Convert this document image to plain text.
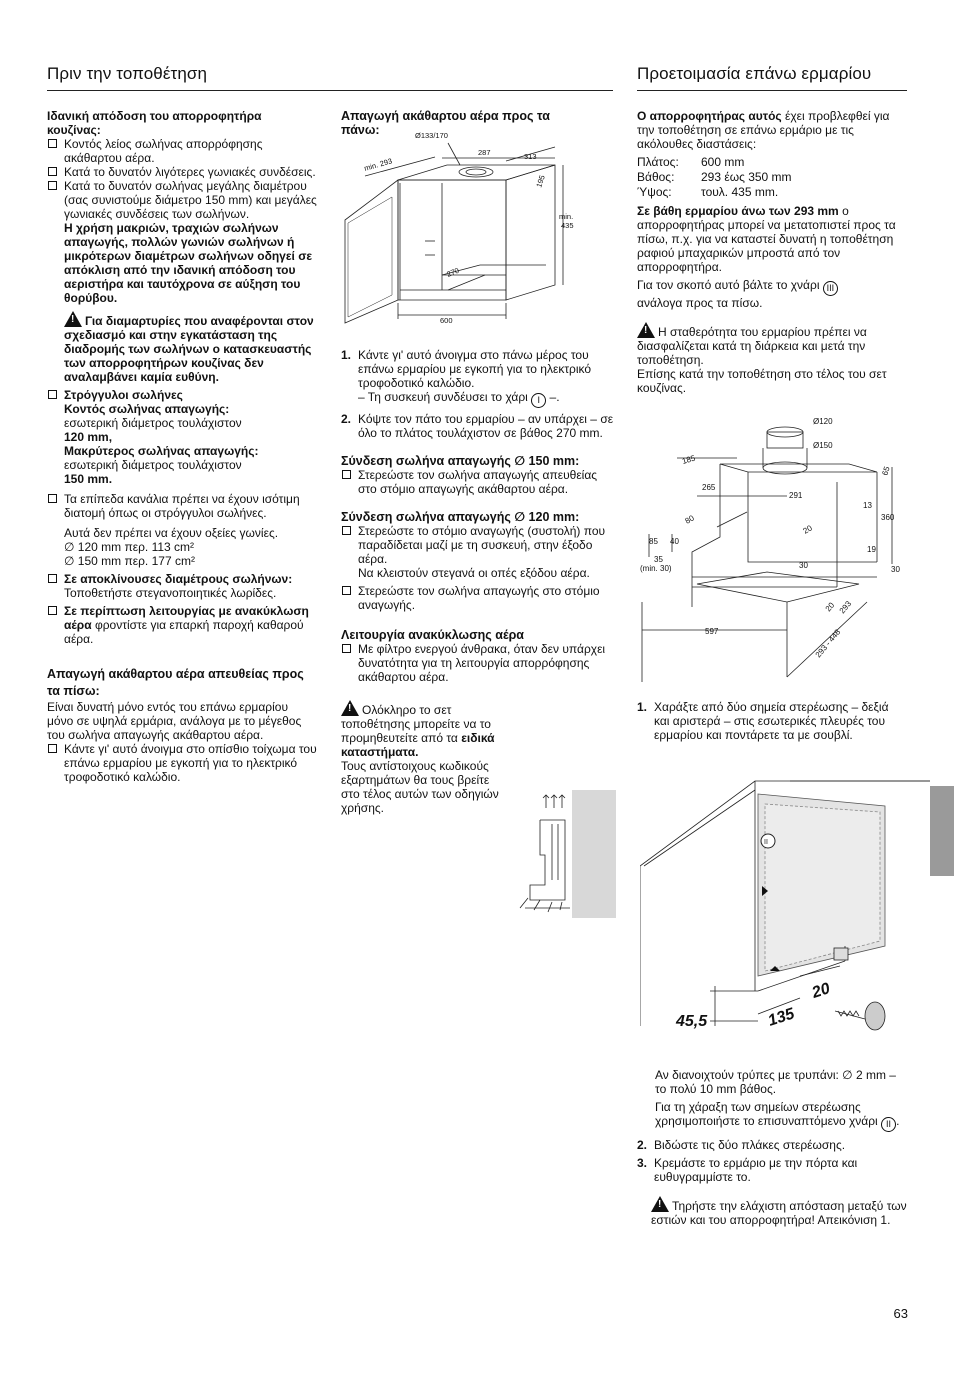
Πριν την τοποθέτηση	Προετοιμασία επάνω ερμαρίου
Ιδανική απόδοση του απορροφητήρα κουζίνας:
Κοντός λείος σωλήνας απορρόφησης ακάθαρτου αέρα.
Κατά το δυνατόν λιγότερες γωνιακές συνδέσεις.
Κατά το δυνατόν σωλήνας μεγάλης διαμέτρου (σας συνιστούμε διάμετρο 150 mm) και μεγάλες γωνιακές συνδέσεις των σωλήνων.
Η χρήση μακριών, τραχιών σωλήνων απαγωγής, πολλών γωνιών σωλήνων ή μικρότερων διαμέτρων σωλήνων οδηγεί σε απόκλιση από την ιδανική απόδοση του αεριστήρα και ταυτόχρονα σε αύξηση του θορύβου.
!Για διαμαρτυρίες που αναφέρονται στον σχεδιασμό και στην εγκατάσταση της διαδρομής των σωλήνων ο κατασκευαστής των απορροφητήρων κουζίνας δεν αναλαμβάνει καμία ευθύνη.
Στρόγγυλοι σωλήνες
Κοντός σωλήνας απαγωγής:
εσωτερική διάμετρος τουλάχιστον
120 mm,
Μακρύτερος σωλήνας απαγωγής:
εσωτερική διάμετρος τουλάχιστον
150 mm.
Τα επίπεδα κανάλια πρέπει να έχουν ισότιμη διατομή όπως οι στρόγγυλοι σωλήνες.
Αυτά δεν πρέπει να έχουν οξείες γωνίες.
∅ 120 mm περ. 113 cm²
∅ 150 mm περ. 177 cm²
Σε αποκλίνουσες διαμέτρους σωλήνων: Τοποθετήστε στεγανοποιητικές λωρίδες.
Σε περίπτωση λειτουργίας με ανακύκλωση αέρα φροντίστε για επαρκή παροχή καθαρού αέρα.
Απαγωγή ακάθαρτου αέρα απευθείας προς τα πίσω:
Είναι δυνατή μόνο εντός του επάνω ερμαρίου μόνο σε υψηλά ερμάρια, ανάλογα με το μέγεθος του σωλήνα απαγωγής ακάθαρτου αέρα.
Κάντε γι' αυτό άνοιγμα στο οπίσθιο τοίχωμα του επάνω ερμαρίου με εγκοπή για το ηλεκτρικό τροφοδοτικό καλώδιο.
Απαγωγή ακάθαρτου αέρα προς τα πάνω:	Ø133/170
287	313
min. 293
195
min.
435
270
600
1. Κάντε γι' αυτό άνοιγμα στο πάνω μέρος του επάνω ερμαρίου με εγκοπή για το ηλεκτρικό τροφοδοτικό καλώδιο.
– Τη συσκευή συνδέυσει το χάρι I –.
2. Κόψτε τον πάτο του ερμαρίου – αν υπάρχει – σε όλο το πλάτος τουλάχιστον σε βάθος 270 mm.
Σύνδεση σωλήνα απαγωγής ∅ 150 mm:
Στερεώστε τον σωλήνα απαγωγής απευθείας στο στόμιο απαγωγής ακάθαρτου αέρα.
Σύνδεση σωλήνα απαγωγής ∅ 120 mm:
Στερεώστε το στόμιο αναγωγής (συστολή) που παραδίδεται μαζί με τη συσκευή, στην έξοδο αέρα.
Να κλειστούν στεγανά οι οπές εξόδου αέρα.
Στερεώστε τον σωλήνα απαγωγής στο στόμιο αναγωγής.
Λειτουργία ανακύκλωσης αέρα
Με φίλτρο ενεργού άνθρακα, όταν δεν υπάρχει δυνατότητα για τη λειτουργία απορρόφησης ακάθαρτου αέρα.
!Ολόκληρο το σετ τοποθέτησης μπορείτε να το προμηθευτείτε από τα ειδικά καταστήματα.
Τους αντίστοιχους κωδικούς εξαρτημάτων θα τους βρείτε στο τέλος αυτών των οδηγιών χρήσης.
Ο απορροφητήρας αυτός έχει προβλεφθεί για την τοποθέτηση σε επάνω ερμάριο με τις ακόλουθες διαστάσεις:
Πλάτος:	600 mm
Βάθος:	293 έως 350 mm
Ύψος:	τουλ. 435 mm.
Σε βάθη ερμαρίου άνω των 293 mm ο απορροφητήρας μπορεί να μετατοπιστεί προς τα πίσω, π.χ. για να καταστεί δυνατή η τοποθέτηση ραφιού μπαχαρικών μπροστά από τον απορροφητήρα.
Για τον σκοπό αυτό βάλτε το χνάρι III
ανάλογα προς τα πίσω.
!Η σταθερότητα του ερμαρίου πρέπει να διασφαλίζεται κατά τη διάρκεια και μετά την τοποθέτηση.
Επίσης κατά την τοποθέτηση στο τέλος του σετ κουζίνας.
Ø120
Ø150
185
265
291
65
13
360
80
20
85 40
35
(min. 30)	30
19
30
20 293
597	293 - 448
1. Χαράξτε από δύο σημεία στερέωσης – δεξιά και αριστερά – στις εσωτερικές πλευρές του ερμαρίου και ποντάρετε τα με σουβλί.
II
45,5	135
20
Αν διανοιχτούν τρύπες με τρυπάνι: ∅ 2 mm – το πολύ 10 mm βάθος.
Για τη χάραξη των σημείων στερέωσης χρησιμοποιήστε το επισυναπτόμενο χνάρι II .
2. Βιδώστε τις δύο πλάκες στερέωσης.
3. Κρεμάστε το ερμάριο με την πόρτα και ευθυγραμμίστε το.
!Τηρήστε την ελάχιστη απόσταση μεταξύ των εστιών και του απορροφητήρα! Απεικόνιση 1.
63
